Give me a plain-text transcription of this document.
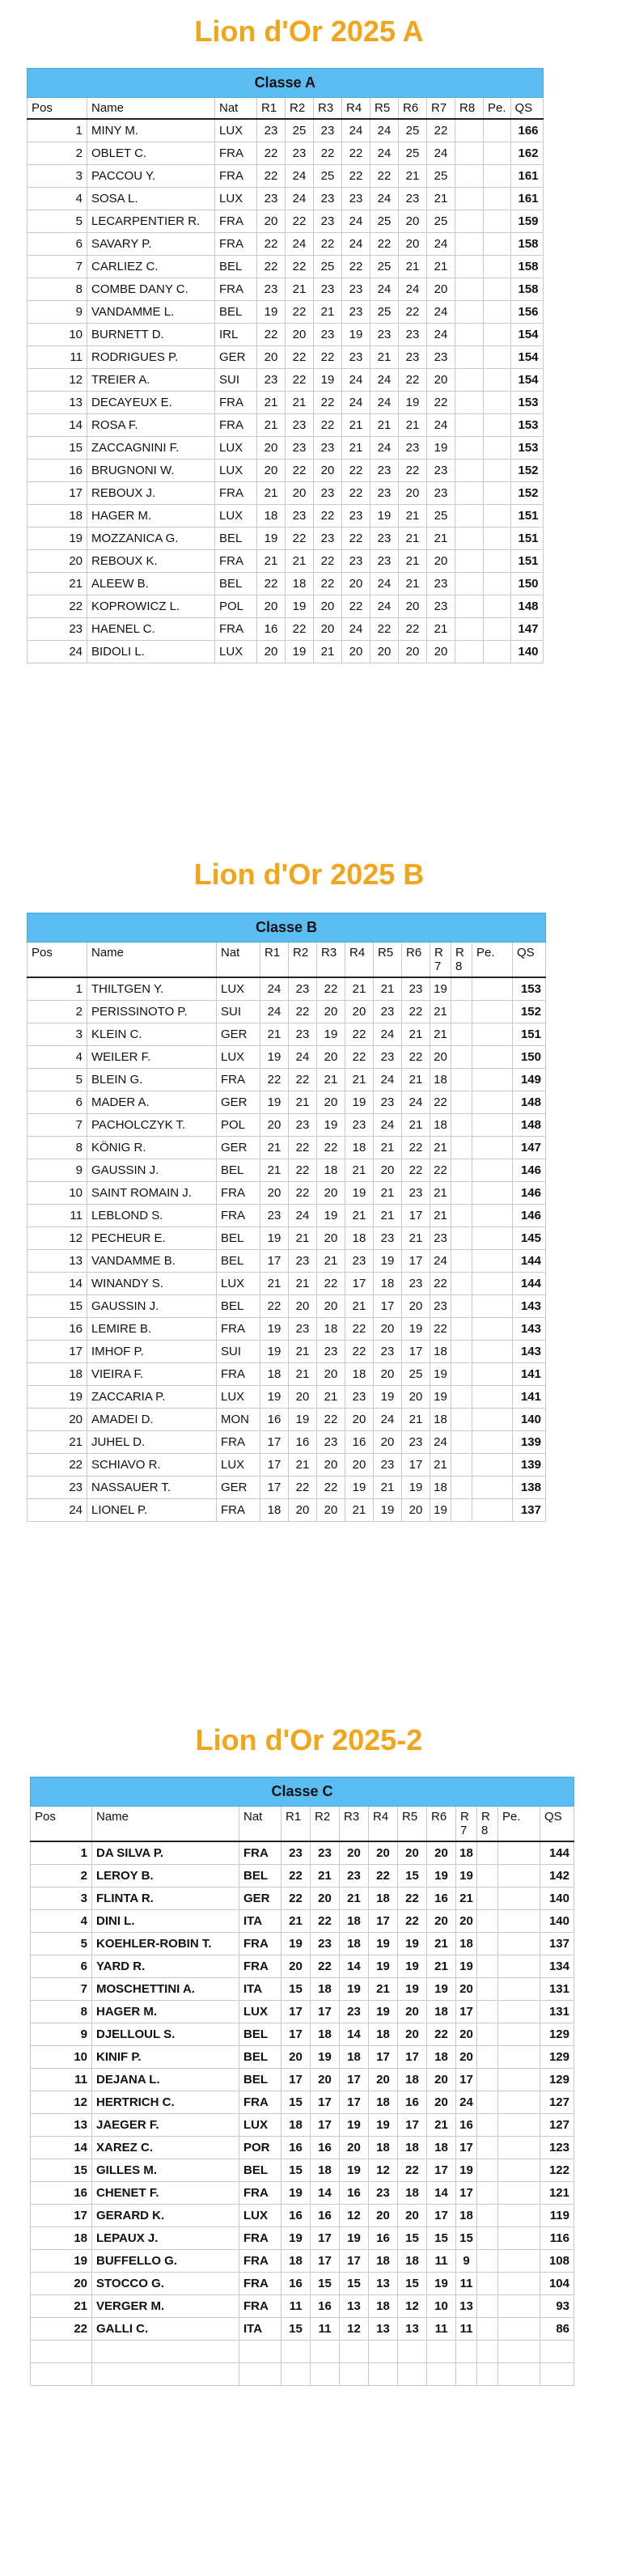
Lion d'Or 2025 A
Classe A												
Pos	Name	Nat	R1	R2	R3	R4	R5	R6	R7	R8	Pe.	QS
1	MINY M.	LUX	23	25	23	24	24	25	22			166
2	OBLET C.	FRA	22	23	22	22	24	25	24			162
3	PACCOU Y.	FRA	22	24	25	22	22	21	25			161
4	SOSA L.	LUX	23	24	23	23	24	23	21			161
5	LECARPENTIER R.	FRA	20	22	23	24	25	20	25			159
6	SAVARY P.	FRA	22	24	22	24	22	20	24			158
7	CARLIEZ C.	BEL	22	22	25	22	25	21	21			158
8	COMBE DANY C.	FRA	23	21	23	23	24	24	20			158
9	VANDAMME L.	BEL	19	22	21	23	25	22	24			156
10	BURNETT D.	IRL	22	20	23	19	23	23	24			154
11	RODRIGUES P.	GER	20	22	22	23	21	23	23			154
12	TREIER A.	SUI	23	22	19	24	24	22	20			154
13	DECAYEUX E.	FRA	21	21	22	24	24	19	22			153
14	ROSA F.	FRA	21	23	22	21	21	21	24			153
15	ZACCAGNINI F.	LUX	20	23	23	21	24	23	19			153
16	BRUGNONI W.	LUX	20	22	20	22	23	22	23			152
17	REBOUX J.	FRA	21	20	23	22	23	20	23			152
18	HAGER M.	LUX	18	23	22	23	19	21	25			151
19	MOZZANICA G.	BEL	19	22	23	22	23	21	21			151
20	REBOUX K.	FRA	21	21	22	23	23	21	20			151
21	ALEEW B.	BEL	22	18	22	20	24	21	23			150
22	KOPROWICZ L.	POL	20	19	20	22	24	20	23			148
23	HAENEL C.	FRA	16	22	20	24	22	22	21			147
24	BIDOLI L.	LUX	20	19	21	20	20	20	20			140
Lion d'Or 2025 B
Classe B												
Pos	Name	Nat	R1	R2	R3	R4	R5	R6	R 7	R 8	Pe.	QS
1	THILTGEN Y.	LUX	24	23	22	21	21	23	19			153
2	PERISSINOTO P.	SUI	24	22	20	20	23	22	21			152
3	KLEIN C.	GER	21	23	19	22	24	21	21			151
4	WEILER F.	LUX	19	24	20	22	23	22	20			150
5	BLEIN G.	FRA	22	22	21	21	24	21	18			149
6	MADER A.	GER	19	21	20	19	23	24	22			148
7	PACHOLCZYK T.	POL	20	23	19	23	24	21	18			148
8	KÖNIG R.	GER	21	22	22	18	21	22	21			147
9	GAUSSIN J.	BEL	21	22	18	21	20	22	22			146
10	SAINT ROMAIN J.	FRA	20	22	20	19	21	23	21			146
11	LEBLOND S.	FRA	23	24	19	21	21	17	21			146
12	PECHEUR E.	BEL	19	21	20	18	23	21	23			145
13	VANDAMME B.	BEL	17	23	21	23	19	17	24			144
14	WINANDY S.	LUX	21	21	22	17	18	23	22			144
15	GAUSSIN J.	BEL	22	20	20	21	17	20	23			143
16	LEMIRE B.	FRA	19	23	18	22	20	19	22			143
17	IMHOF P.	SUI	19	21	23	22	23	17	18			143
18	VIEIRA F.	FRA	18	21	20	18	20	25	19			141
19	ZACCARIA P.	LUX	19	20	21	23	19	20	19			141
20	AMADEI D.	MON	16	19	22	20	24	21	18			140
21	JUHEL D.	FRA	17	16	23	16	20	23	24			139
22	SCHIAVO R.	LUX	17	21	20	20	23	17	21			139
23	NASSAUER T.	GER	17	22	22	19	21	19	18			138
24	LIONEL P.	FRA	18	20	20	21	19	20	19			137
Lion d'Or 2025-2
Classe C												
Pos	Name	Nat	R1	R2	R3	R4	R5	R6	R 7	R 8	Pe.	QS
1	DA SILVA P.	FRA	23	23	20	20	20	20	18			144
2	LEROY B.	BEL	22	21	23	22	15	19	19			142
3	FLINTA R.	GER	22	20	21	18	22	16	21			140
4	DINI L.	ITA	21	22	18	17	22	20	20			140
5	KOEHLER-ROBIN T.	FRA	19	23	18	19	19	21	18			137
6	YARD R.	FRA	20	22	14	19	19	21	19			134
7	MOSCHETTINI A.	ITA	15	18	19	21	19	19	20			131
8	HAGER M.	LUX	17	17	23	19	20	18	17			131
9	DJELLOUL S.	BEL	17	18	14	18	20	22	20			129
10	KINIF P.	BEL	20	19	18	17	17	18	20			129
11	DEJANA L.	BEL	17	20	17	20	18	20	17			129
12	HERTRICH C.	FRA	15	17	17	18	16	20	24			127
13	JAEGER F.	LUX	18	17	19	19	17	21	16			127
14	XAREZ C.	POR	16	16	20	18	18	18	17			123
15	GILLES M.	BEL	15	18	19	12	22	17	19			122
16	CHENET F.	FRA	19	14	16	23	18	14	17			121
17	GERARD K.	LUX	16	16	12	20	20	17	18			119
18	LEPAUX J.	FRA	19	17	19	16	15	15	15			116
19	BUFFELLO G.	FRA	18	17	17	18	18	11	9			108
20	STOCCO G.	FRA	16	15	15	13	15	19	11			104
21	VERGER M.	FRA	11	16	13	18	12	10	13			93
22	GALLI C.	ITA	15	11	12	13	13	11	11			86
